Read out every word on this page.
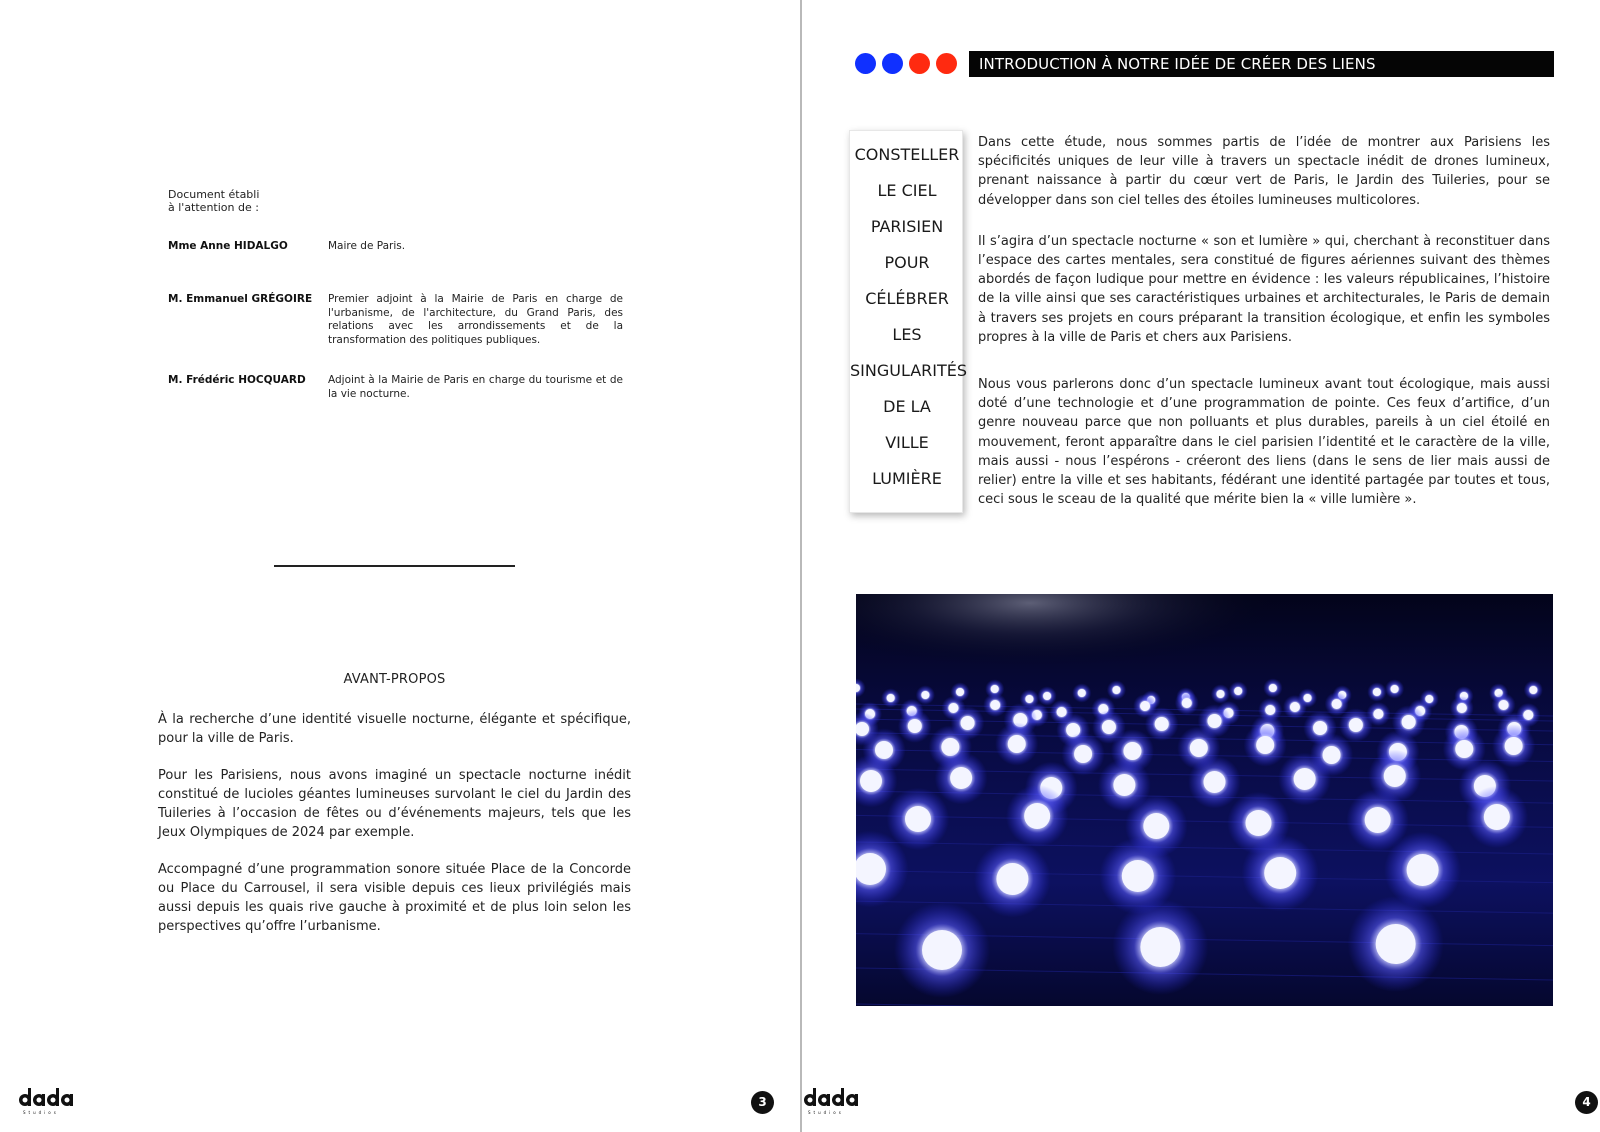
Document établi
à l'attention de :
Mme Anne HIDALGO	Maire de Paris.
M. Emmanuel GRÉGOIRE	Premier adjoint à la Mairie de Paris en charge de l'urbanisme, de l'architecture, du Grand Paris, des relations avec les arrondissements et de la transformation des politiques publiques.
M. Frédéric HOCQUARD	Adjoint à la Mairie de Paris en charge du tourisme et de la vie nocturne.
AVANT-PROPOS

À la recherche d’une identité visuelle nocturne, élégante et spécifique, pour la ville de Paris.

Pour les Parisiens, nous avons imaginé un spectacle nocturne inédit constitué de lucioles géantes lumineuses survolant le ciel du Jardin des Tuileries à l’occasion de fêtes ou d’événements majeurs, tels que les Jeux Olympiques de 2024 par exemple.

Accompagné d’une programmation sonore située Place de la Concorde ou Place du Carrousel, il sera visible depuis ces lieux privilégiés mais aussi depuis les quais rive gauche à proximité et de plus loin selon les perspectives qu’offre l’urbanisme.

Studios
3
INTRODUCTION À NOTRE IDÉE DE CRÉER DES LIENS
CONSTELLER
LE CIEL
PARISIEN
POUR
CÉLÉBRER
LES
SINGULARITÉS
DE LA
VILLE
LUMIÈRE

Dans cette étude, nous sommes partis de l’idée de montrer aux Parisiens les spécificités uniques de leur ville à travers un spectacle inédit de drones lumineux, prenant naissance à partir du cœur vert de Paris, le Jardin des Tuileries, pour se développer dans son ciel telles des étoiles lumineuses multicolores.

Il s’agira d’un spectacle nocturne « son et lumière » qui, cherchant à reconstituer dans l’espace des cartes mentales, sera constitué de figures aériennes suivant des thèmes abordés de façon ludique pour mettre en évidence : les valeurs républicaines, l’histoire de la ville ainsi que ses caractéristiques urbaines et architecturales, le Paris de demain à travers ses projets en cours préparant la transition écologique, et enfin les symboles propres à la ville de Paris et chers aux Parisiens.

Nous vous parlerons donc d’un spectacle lumineux avant tout écologique, mais aussi doté d’une technologie et d’une programmation de pointe. Ces feux d’artifice, d’un genre nouveau parce que non polluants et plus durables, pareils à un ciel étoilé en mouvement, feront apparaître dans le ciel parisien l’identité et le caractère de la ville, mais aussi - nous l’espérons - créeront des liens (dans le sens de lier mais aussi de relier) entre la ville et ses habitants, fédérant une identité partagée par toutes et tous, ceci sous le sceau de la qualité que mérite bien la « ville lumière ».

Studios
4
